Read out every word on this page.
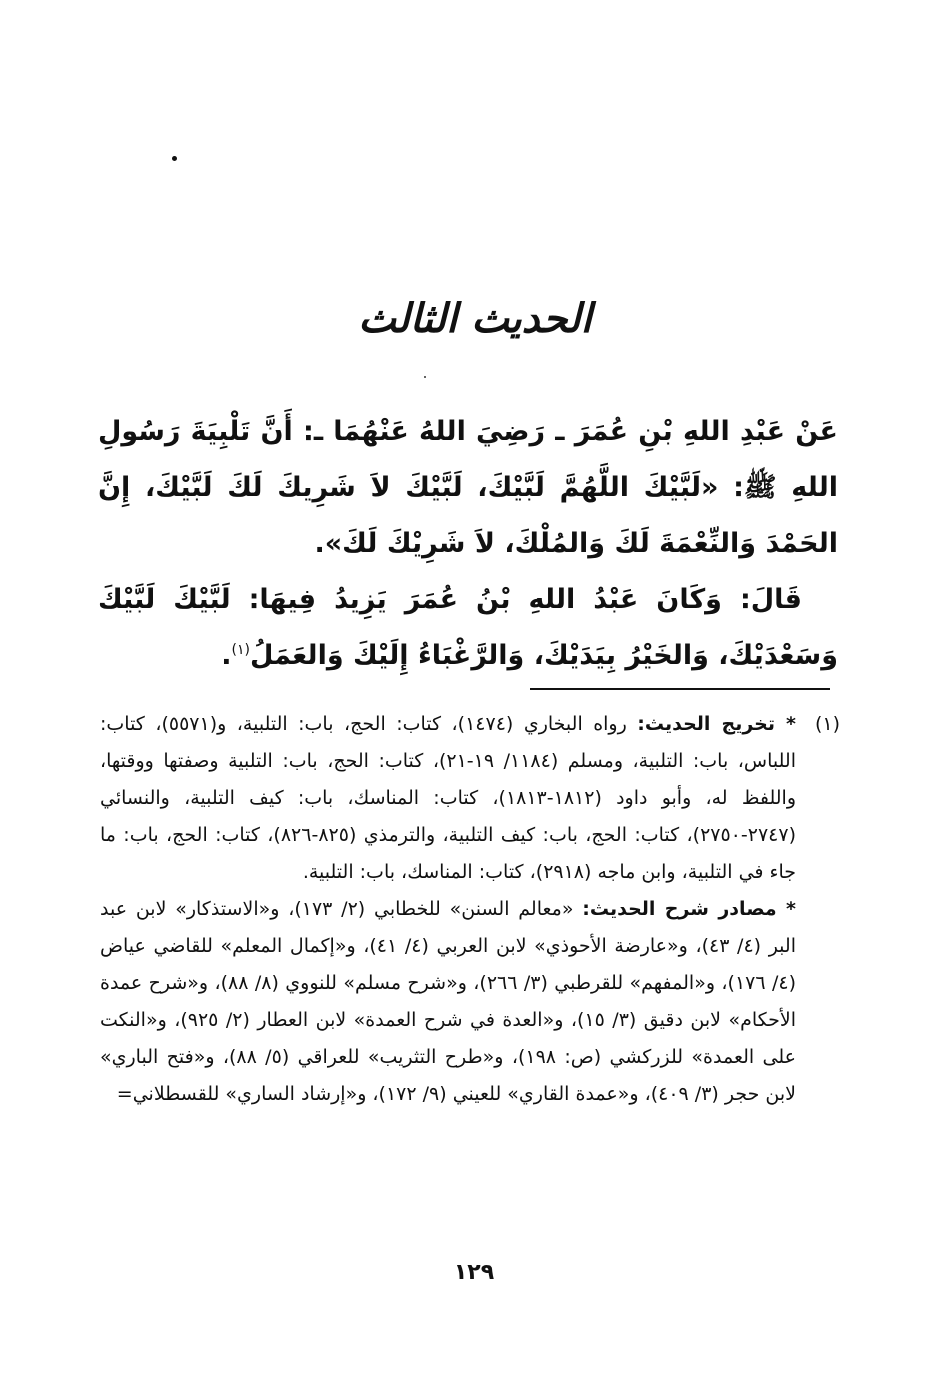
الحديث الثالث

عَنْ عَبْدِ اللهِ بْنِ عُمَرَ ـ رَضِيَ اللهُ عَنْهُمَا ـ: أَنَّ تَلْبِيَةَ رَسُولِ اللهِ ﷺ: «لَبَّيْكَ اللَّهُمَّ لَبَّيْكَ، لَبَّيْكَ لاَ شَرِيكَ لَكَ لَبَّيْكَ، إِنَّ الحَمْدَ وَالنِّعْمَةَ لَكَ وَالمُلْكَ، لاَ شَرِيْكَ لَكَ».

قَالَ: وَكَانَ عَبْدُ اللهِ بْنُ عُمَرَ يَزِيدُ فِيهَا: لَبَّيْكَ لَبَّيْكَ وَسَعْدَيْكَ، وَالخَيْرُ بِيَدَيْكَ، وَالرَّغْبَاءُ إِلَيْكَ وَالعَمَلُ$^{(١)}$.

(١)
* تخريج الحديث: رواه البخاري (١٤٧٤)، كتاب: الحج، باب: التلبية، و(٥٥٧١)، كتاب: اللباس، باب: التلبية، ومسلم (١١٨٤/ ١٩-٢١)، كتاب: الحج، باب: التلبية وصفتها ووقتها، واللفظ له، وأبو داود (١٨١٢-١٨١٣)، كتاب: المناسك، باب: كيف التلبية، والنسائي (٢٧٤٧-٢٧٥٠)، كتاب: الحج، باب: كيف التلبية، والترمذي (٨٢٥-٨٢٦)، كتاب: الحج، باب: ما جاء في التلبية، وابن ماجه (٢٩١٨)، كتاب: المناسك، باب: التلبية.
* مصادر شرح الحديث: «معالم السنن» للخطابي (٢/ ١٧٣)، و«الاستذكار» لابن عبد البر (٤/ ٤٣)، و«عارضة الأحوذي» لابن العربي (٤/ ٤١)، و«إكمال المعلم» للقاضي عياض (٤/ ١٧٦)، و«المفهم» للقرطبي (٣/ ٢٦٦)، و«شرح مسلم» للنووي (٨/ ٨٨)، و«شرح عمدة الأحكام» لابن دقيق (٣/ ١٥)، و«العدة في شرح العمدة» لابن العطار (٢/ ٩٢٥)، و«النكت على العمدة» للزركشي (ص: ١٩٨)، و«طرح التثريب» للعراقي (٥/ ٨٨)، و«فتح الباري» لابن حجر (٣/ ٤٠٩)، و«عمدة القاري» للعيني (٩/ ١٧٢)، و«إرشاد الساري» للقسطلاني=
١٢٩
